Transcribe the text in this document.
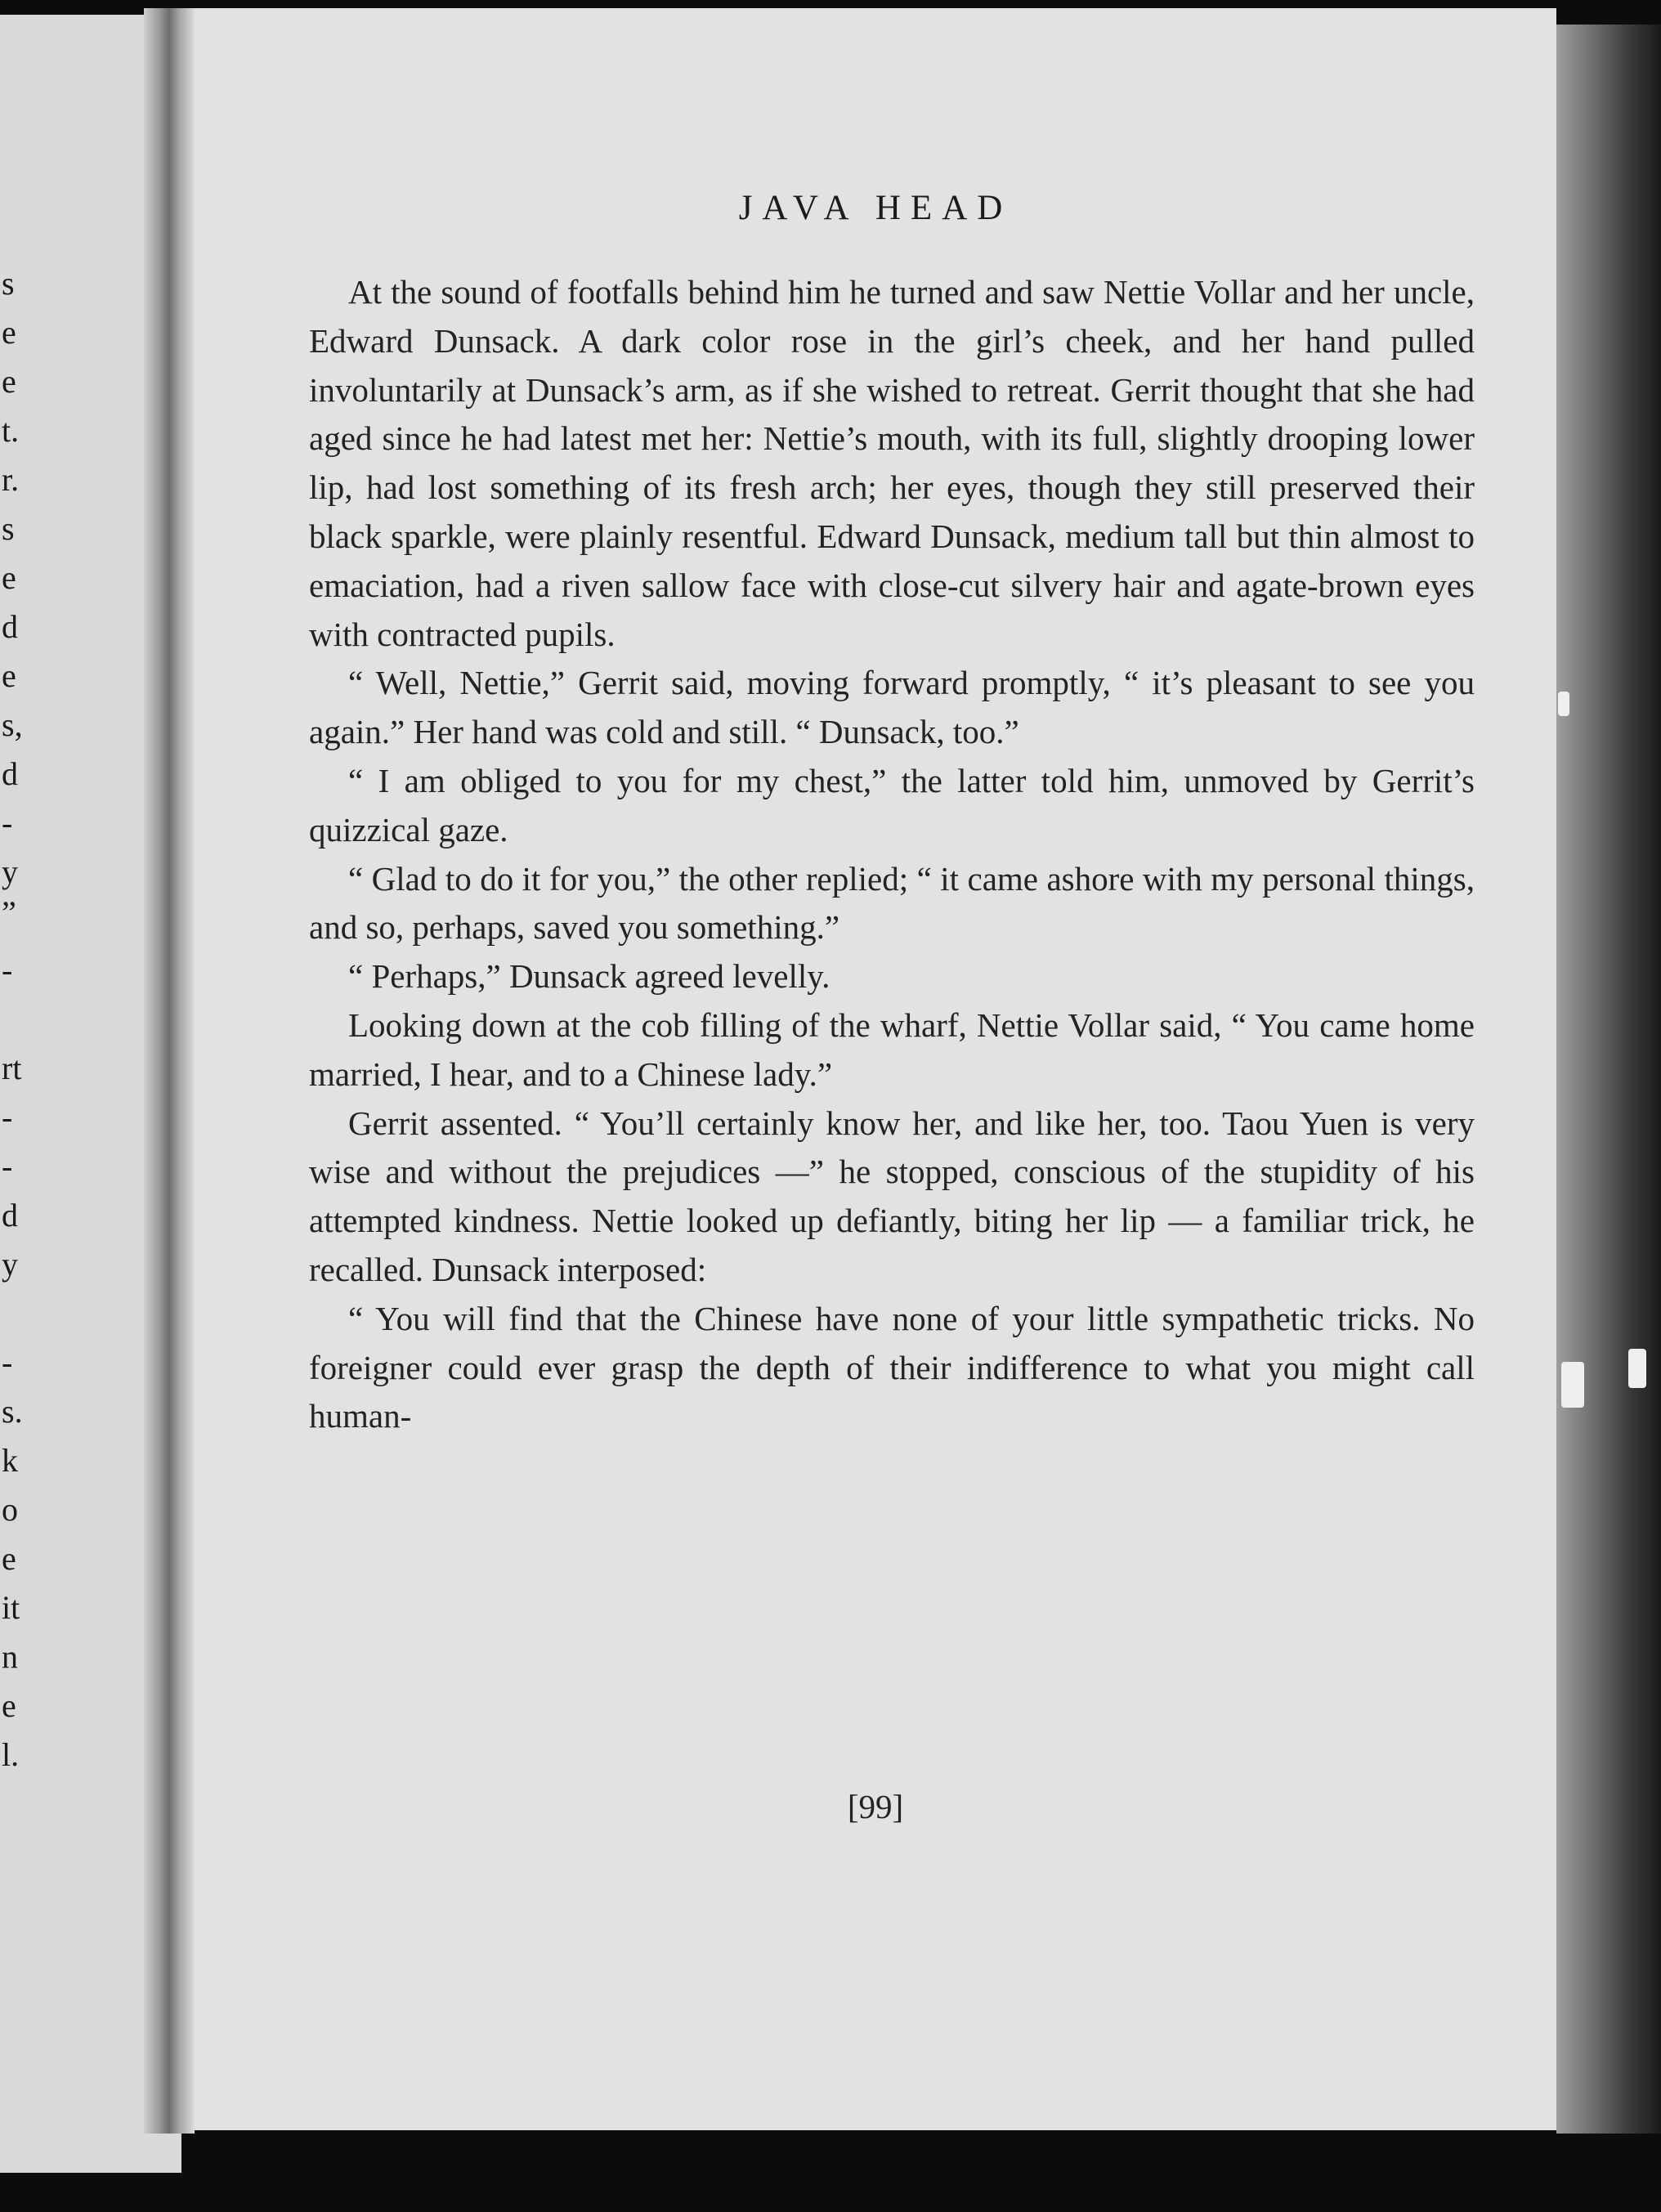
s
e
e
t.
r.
s
e
d
e
s,
d
-
y
”
-
rt
-
-
d
y
-
s.
k
o
e
it
n
e
l.
JAVA HEAD

At the sound of footfalls behind him he turned and saw Nettie Vollar and her uncle, Edward Dunsack. A dark color rose in the girl’s cheek, and her hand pulled involuntarily at Dunsack’s arm, as if she wished to retreat. Gerrit thought that she had aged since he had latest met her: Nettie’s mouth, with its full, slightly drooping lower lip, had lost something of its fresh arch; her eyes, though they still preserved their black sparkle, were plainly resentful. Edward Dunsack, medium tall but thin almost to emaciation, had a riven sallow face with close-cut silvery hair and agate-brown eyes with contracted pupils.

“ Well, Nettie,” Gerrit said, moving forward promptly, “ it’s pleasant to see you again.” Her hand was cold and still. “ Dunsack, too.”

“ I am obliged to you for my chest,” the latter told him, unmoved by Gerrit’s quizzical gaze.

“ Glad to do it for you,” the other replied; “ it came ashore with my personal things, and so, perhaps, saved you something.”

“ Perhaps,” Dunsack agreed levelly.

Looking down at the cob filling of the wharf, Nettie Vollar said, “ You came home married, I hear, and to a Chinese lady.”

Gerrit assented. “ You’ll certainly know her, and like her, too. Taou Yuen is very wise and without the prejudices —” he stopped, conscious of the stupidity of his attempted kindness. Nettie looked up defiantly, biting her lip — a familiar trick, he recalled. Dunsack interposed:

“ You will find that the Chinese have none of your little sympathetic tricks. No foreigner could ever grasp the depth of their indifference to what you might call human-

[99]
